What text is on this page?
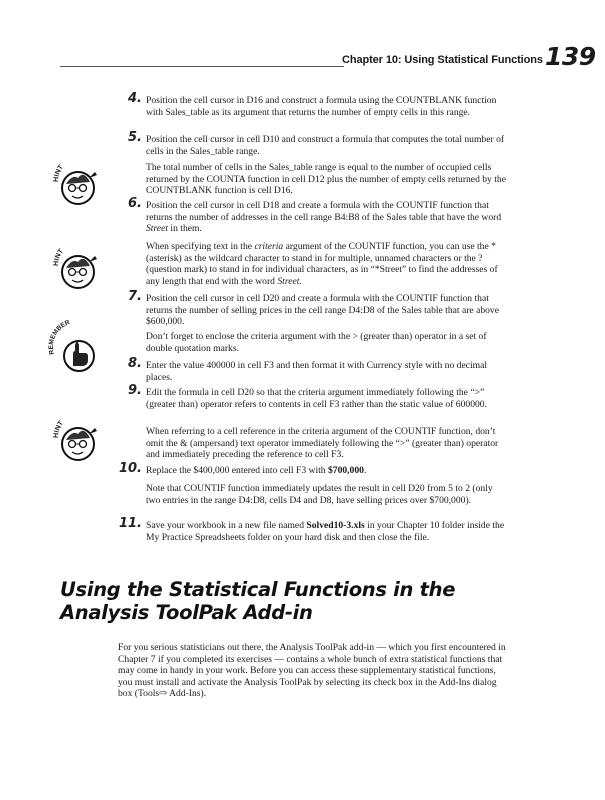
Chapter 10: Using Statistical Functions 139
4. Position the cell cursor in D16 and construct a formula using the COUNTBLANK function with Sales_table as its argument that returns the number of empty cells in this range.
5. Position the cell cursor in cell D10 and construct a formula that computes the total number of cells in the Sales_table range.
HINT	The total number of cells in the Sales_table range is equal to the number of occupied cells returned by the COUNTA function in cell D12 plus the number of empty cells returned by the COUNTBLANK function is cell D16.
6. Position the cell cursor in cell D18 and create a formula with the COUNTIF function that returns the number of addresses in the cell range B4:B8 of the Sales table that have the word Street in them.
HINT	When specifying text in the criteria argument of the COUNTIF function, you can use the * (asterisk) as the wildcard character to stand in for multiple, unnamed characters or the ? (question mark) to stand in for individual characters, as in “*Street” to find the addresses of any length that end with the word Street.
7. Position the cell cursor in cell D20 and create a formula with the COUNTIF function that returns the number of selling prices in the cell range D4:D8 of the Sales table that are above $600,000.
REMEMBER
Don’t forget to enclose the criteria argument with the > (greater than) operator in a set of double quotation marks.
8. Enter the value 400000 in cell F3 and then format it with Currency style with no decimal places.
9. Edit the formula in cell D20 so that the criteria argument immediately following the “>” (greater than) operator refers to contents in cell F3 rather than the static value of 600000.
HINT
When referring to a cell reference in the criteria argument of the COUNTIF function, don’t omit the & (ampersand) text operator immediately following the “>” (greater than) operator and immediately preceding the reference to cell F3.
10. Replace the $400,000 entered into cell F3 with $700,000.
Note that COUNTIF function immediately updates the result in cell D20 from 5 to 2 (only two entries in the range D4:D8, cells D4 and D8, have selling prices over $700,000).
11. Save your workbook in a new file named Solved10-3.xls in your Chapter 10 folder inside the My Practice Spreadsheets folder on your hard disk and then close the file.
Using the Statistical Functions in the Analysis ToolPak Add-in
For you serious statisticians out there, the Analysis ToolPak add-in — which you first encountered in Chapter 7 if you completed its exercises — contains a whole bunch of extra statistical functions that may come in handy in your work. Before you can access these supplementary statistical functions, you must install and activate the Analysis ToolPak by selecting its check box in the Add-Ins dialog box (Tools⇨ Add-Ins).
